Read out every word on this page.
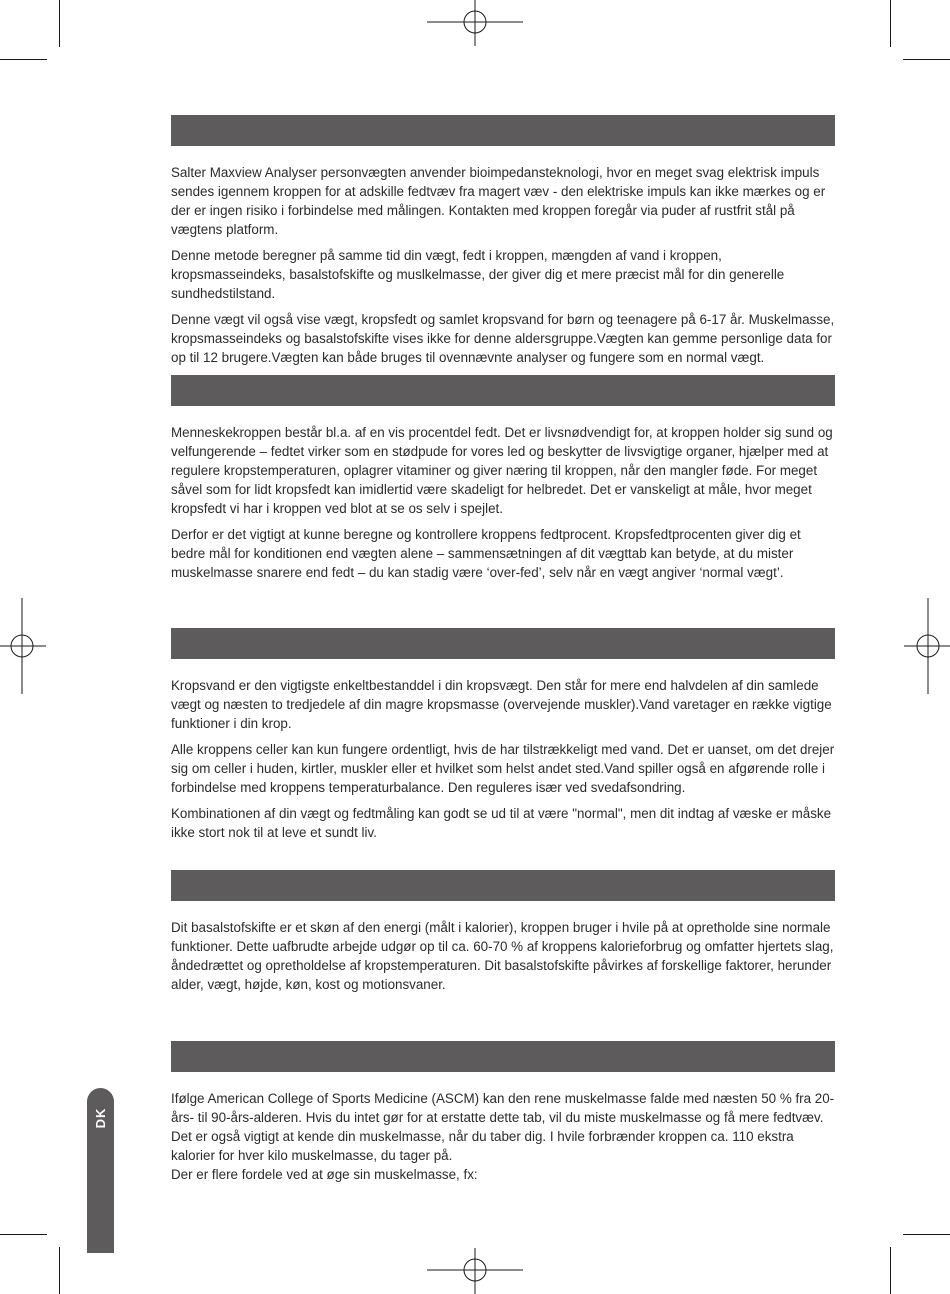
Salter Maxview Analyser personvægten anvender bioimpedansteknologi, hvor en meget svag elektrisk impuls sendes igennem kroppen for at adskille fedtvæv fra magert væv - den elektriske impuls kan ikke mærkes og er der er ingen risiko i forbindelse med målingen. Kontakten med kroppen foregår via puder af rustfrit stål på vægtens platform.

Denne metode beregner på samme tid din vægt, fedt i kroppen, mængden af vand i kroppen, kropsmasseindeks, basalstofskifte og muslkelmasse, der giver dig et mere præcist mål for din generelle sundhedstilstand.

Denne vægt vil også vise vægt, kropsfedt og samlet kropsvand for børn og teenagere på 6-17 år. Muskelmasse, kropsmasseindeks og basalstofskifte vises ikke for denne aldersgruppe.Vægten kan gemme personlige data for op til 12 brugere.Vægten kan både bruges til ovennævnte analyser og fungere som en normal vægt.

Menneskekroppen består bl.a. af en vis procentdel fedt. Det er livsnødvendigt for, at kroppen holder sig sund og velfungerende – fedtet virker som en stødpude for vores led og beskytter de livsvigtige organer, hjælper med at regulere kropstemperaturen, oplagrer vitaminer og giver næring til kroppen, når den mangler føde. For meget såvel som for lidt kropsfedt kan imidlertid være skadeligt for helbredet. Det er vanskeligt at måle, hvor meget kropsfedt vi har i kroppen ved blot at se os selv i spejlet.

Derfor er det vigtigt at kunne beregne og kontrollere kroppens fedtprocent. Kropsfedtprocenten giver dig et bedre mål for konditionen end vægten alene – sammensætningen af dit vægttab kan betyde, at du mister muskelmasse snarere end fedt – du kan stadig være ‘over-fed’, selv når en vægt angiver ‘normal vægt’.

Kropsvand er den vigtigste enkeltbestanddel i din kropsvægt. Den står for mere end halvdelen af din samlede vægt og næsten to tredjedele af din magre kropsmasse (overvejende muskler).Vand varetager en række vigtige funktioner i din krop.

Alle kroppens celler kan kun fungere ordentligt, hvis de har tilstrækkeligt med vand. Det er uanset, om det drejer sig om celler i huden, kirtler, muskler eller et hvilket som helst andet sted.Vand spiller også en afgørende rolle i forbindelse med kroppens temperaturbalance. Den reguleres især ved svedafsondring.

Kombinationen af din vægt og fedtmåling kan godt se ud til at være "normal", men dit indtag af væske er måske ikke stort nok til at leve et sundt liv.

Dit basalstofskifte er et skøn af den energi (målt i kalorier), kroppen bruger i hvile på at opretholde sine normale funktioner. Dette uafbrudte arbejde udgør op til ca. 60-70 % af kroppens kalorieforbrug og omfatter hjertets slag, åndedrættet og opretholdelse af kropstemperaturen. Dit basalstofskifte påvirkes af forskellige faktorer, herunder alder, vægt, højde, køn, kost og motionsvaner.

Ifølge American College of Sports Medicine (ASCM) kan den rene muskelmasse falde med næsten 50 % fra 20-års- til 90-års-alderen. Hvis du intet gør for at erstatte dette tab, vil du miste muskelmasse og få mere fedtvæv. Det er også vigtigt at kende din muskelmasse, når du taber dig. I hvile forbrænder kroppen ca. 110 ekstra kalorier for hver kilo muskelmasse, du tager på.

Der er flere fordele ved at øge sin muskelmasse, fx:

DK
